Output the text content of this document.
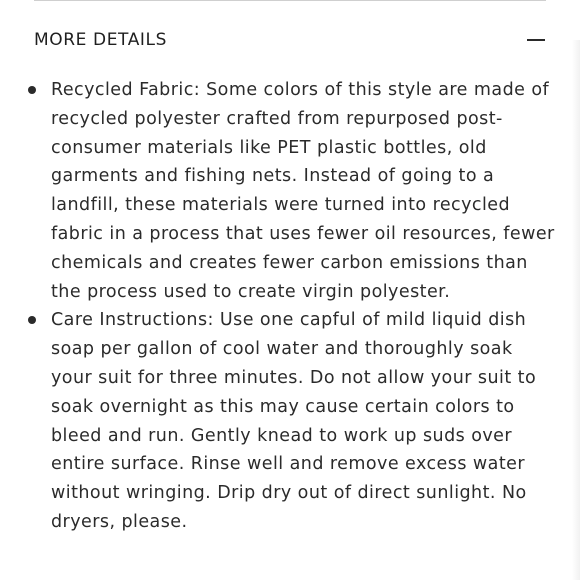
MORE DETAILS
Recycled Fabric: Some colors of this style are made of recycled polyester crafted from repurposed post-consumer materials like PET plastic bottles, old garments and fishing nets. Instead of going to a landfill, these materials were turned into recycled fabric in a process that uses fewer oil resources, fewer chemicals and creates fewer carbon emissions than the process used to create virgin polyester.
Care Instructions: Use one capful of mild liquid dish soap per gallon of cool water and thoroughly soak your suit for three minutes. Do not allow your suit to soak overnight as this may cause certain colors to bleed and run. Gently knead to work up suds over entire surface. Rinse well and remove excess water without wringing. Drip dry out of direct sunlight. No dryers, please.
